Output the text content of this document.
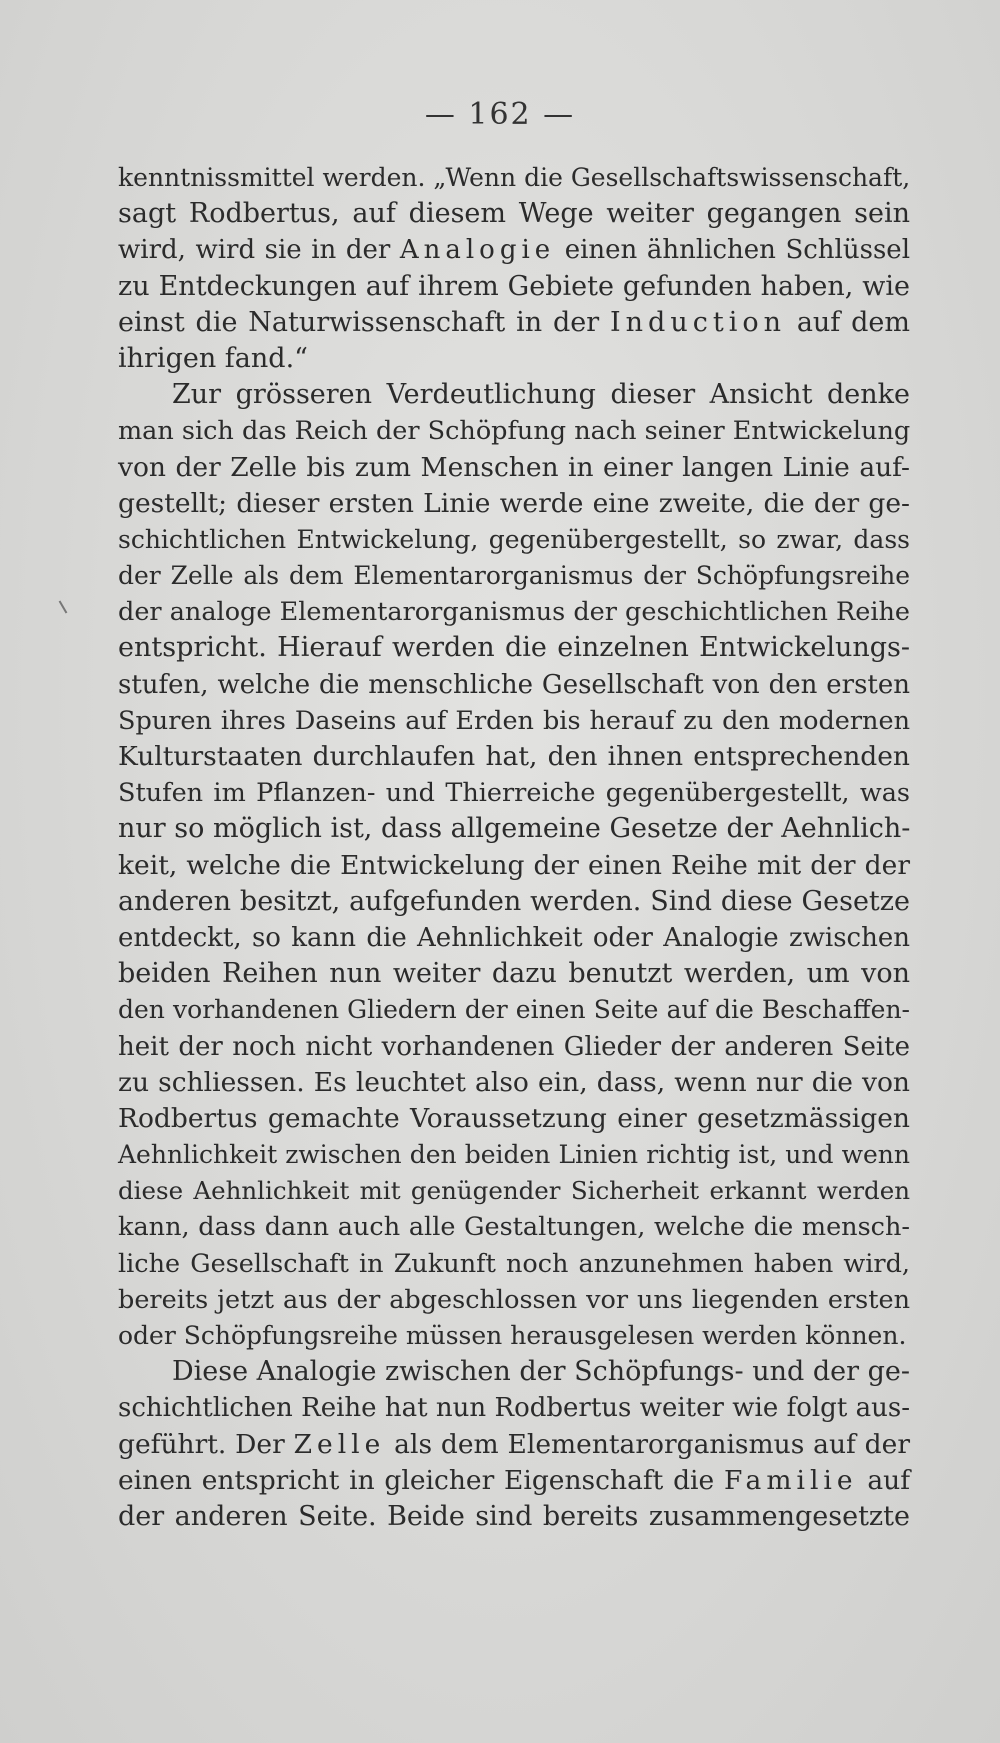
— 162 —
kenntnissmittel werden. „Wenn die Gesellschaftswissenschaft,
sagt Rodbertus, auf diesem Wege weiter gegangen sein
wird, wird sie in der Analogie einen ähnlichen Schlüssel
zu Entdeckungen auf ihrem Gebiete gefunden haben, wie
einst die Naturwissenschaft in der Induction auf dem
ihrigen fand.“
Zur grösseren Verdeutlichung dieser Ansicht denke
man sich das Reich der Schöpfung nach seiner Entwickelung
von der Zelle bis zum Menschen in einer langen Linie auf-
gestellt; dieser ersten Linie werde eine zweite, die der ge-
schichtlichen Entwickelung, gegenübergestellt, so zwar, dass
der Zelle als dem Elementarorganismus der Schöpfungsreihe
der analoge Elementarorganismus der geschichtlichen Reihe
entspricht. Hierauf werden die einzelnen Entwickelungs-
stufen, welche die menschliche Gesellschaft von den ersten
Spuren ihres Daseins auf Erden bis herauf zu den modernen
Kulturstaaten durchlaufen hat, den ihnen entsprechenden
Stufen im Pflanzen- und Thierreiche gegenübergestellt, was
nur so möglich ist, dass allgemeine Gesetze der Aehnlich-
keit, welche die Entwickelung der einen Reihe mit der der
anderen besitzt, aufgefunden werden. Sind diese Gesetze
entdeckt, so kann die Aehnlichkeit oder Analogie zwischen
beiden Reihen nun weiter dazu benutzt werden, um von
den vorhandenen Gliedern der einen Seite auf die Beschaffen-
heit der noch nicht vorhandenen Glieder der anderen Seite
zu schliessen. Es leuchtet also ein, dass, wenn nur die von
Rodbertus gemachte Voraussetzung einer gesetzmässigen
Aehnlichkeit zwischen den beiden Linien richtig ist, und wenn
diese Aehnlichkeit mit genügender Sicherheit erkannt werden
kann, dass dann auch alle Gestaltungen, welche die mensch-
liche Gesellschaft in Zukunft noch anzunehmen haben wird,
bereits jetzt aus der abgeschlossen vor uns liegenden ersten
oder Schöpfungsreihe müssen herausgelesen werden können.
Diese Analogie zwischen der Schöpfungs- und der ge-
schichtlichen Reihe hat nun Rodbertus weiter wie folgt aus-
geführt. Der Zelle als dem Elementarorganismus auf der
einen entspricht in gleicher Eigenschaft die Familie auf
der anderen Seite. Beide sind bereits zusammengesetzte
